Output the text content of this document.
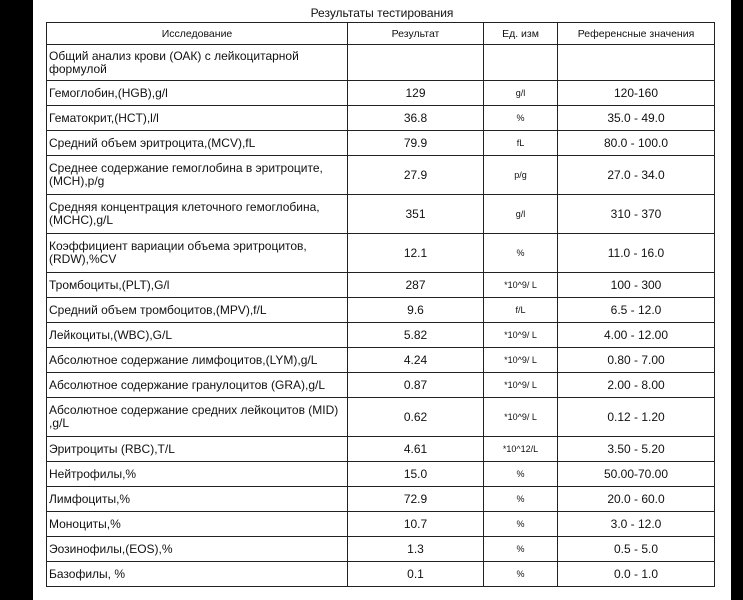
Результаты тестирования
Исследование	Результат	Ед. изм	Референсные значения
Общий анализ крови (ОАК) с лейкоцитарной формулой			
Гемоглобин,(HGB),g/l	129	g/l	120-160
Гематокрит,(HCT),l/l	36.8	%	35.0 - 49.0
Средний объем эритроцита,(MCV),fL	79.9	fL	80.0 - 100.0
Среднее содержание гемоглобина в эритроците, (MCH),p/g	27.9	p/g	27.0 - 34.0
Средняя концентрация клеточного гемоглобина, (MCHC),g/L	351	g/l	310 - 370
Коэффициент вариации объема эритроцитов, (RDW),%CV	12.1	%	11.0 - 16.0
Тромбоциты,(PLT),G/l	287	*10^9/ L	100 - 300
Средний объем тромбоцитов,(MPV),f/L	9.6	f/L	6.5 - 12.0
Лейкоциты,(WBC),G/L	5.82	*10^9/ L	4.00 - 12.00
Абсолютное содержание лимфоцитов,(LYM),g/L	4.24	*10^9/ L	0.80 - 7.00
Абсолютное содержание гранулоцитов (GRA),g/L	0.87	*10^9/ L	2.00 - 8.00
Абсолютное содержание средних лейкоцитов (MID) ,g/L	0.62	*10^9/ L	0.12 - 1.20
Эритроциты (RBC),T/L	4.61	*10^12/L	3.50 - 5.20
Нейтрофилы,%	15.0	%	50.00-70.00
Лимфоциты,%	72.9	%	20.0 - 60.0
Моноциты,%	10.7	%	3.0 - 12.0
Эозинофилы,(EOS),%	1.3	%	0.5 - 5.0
Базофилы, %	0.1	%	0.0 - 1.0
